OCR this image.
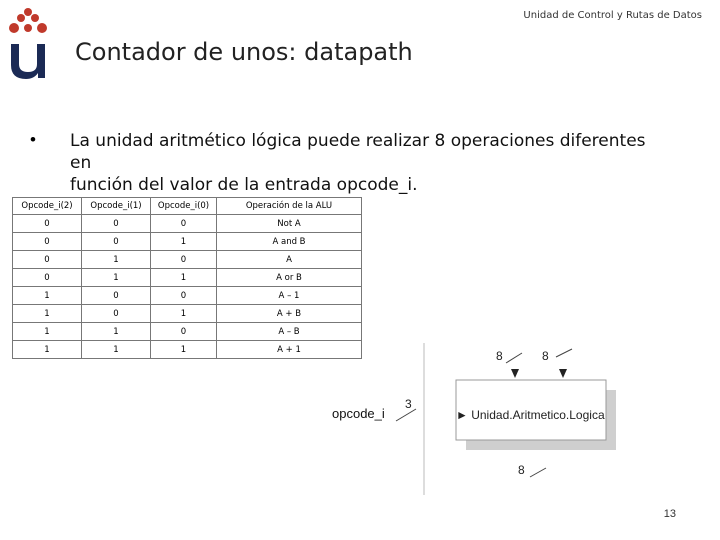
Unidad de Control y Rutas de Datos
Contador de unos: datapath
• La unidad aritmético lógica puede realizar 8 operaciones diferentes en
función del valor de la entrada opcode_i.
Opcode_i(2)	Opcode_i(1)	Opcode_i(0)	Operación de la ALU
0	0	0	Not A
0	0	1	A and B
0	1	0	A
0	1	1	A or B
1	0	0	A – 1
1	0	1	A + B
1	1	0	A – B
1	1	1	A + 1
► Unidad.Aritmetico.Logica
8	8
opcode_i
3
8
13
